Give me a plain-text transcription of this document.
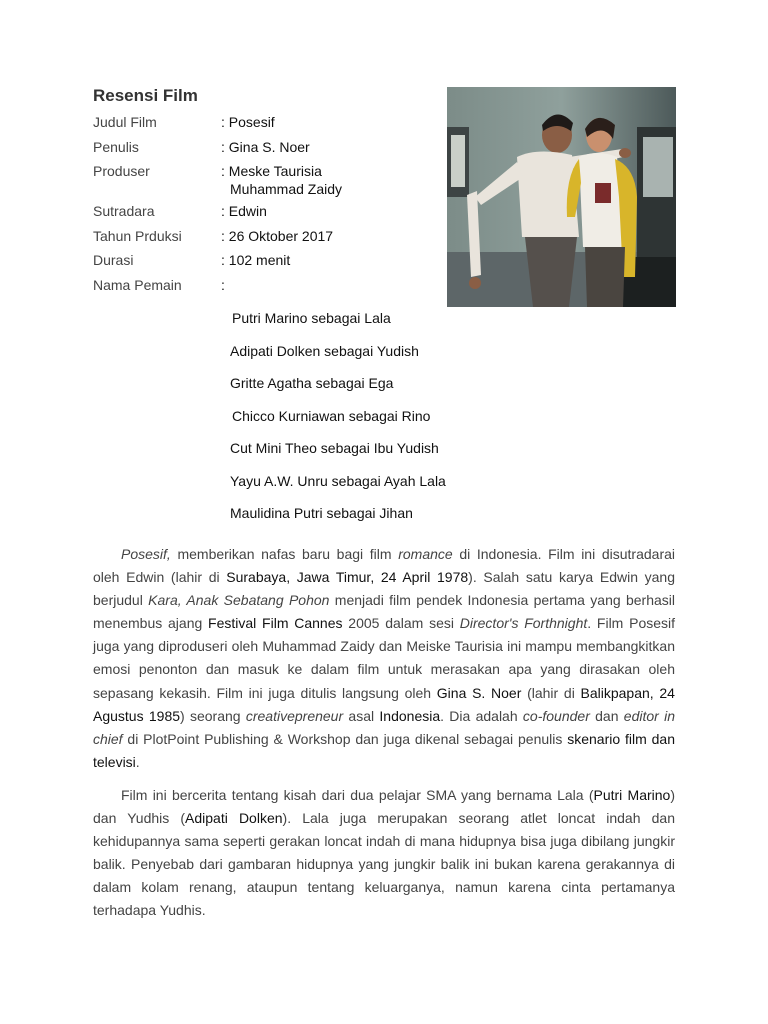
Resensi Film
Judul Film	: Posesif
Penulis	: Gina S. Noer
Produser	: Meske Taurisia
Muhammad Zaidy
Sutradara	: Edwin
Tahun Prduksi	: 26 Oktober 2017
Durasi	: 102 menit
Nama Pemain	:
Putri Marino sebagai Lala
Adipati Dolken sebagai Yudish
Gritte Agatha sebagai Ega
Chicco Kurniawan sebagai Rino
Cut Mini Theo sebagai Ibu Yudish
Yayu A.W. Unru sebagai Ayah Lala
Maulidina Putri sebagai Jihan

Posesif, memberikan nafas baru bagi film romance di Indonesia. Film ini disutradarai oleh Edwin (lahir di Surabaya, Jawa Timur, 24 April 1978). Salah satu karya Edwin yang berjudul Kara, Anak Sebatang Pohon menjadi film pendek Indonesia pertama yang berhasil menembus ajang Festival Film Cannes 2005 dalam sesi Director's Forthnight. Film Posesif juga yang diproduseri oleh Muhammad Zaidy dan Meiske Taurisia ini mampu membangkitkan emosi penonton dan masuk ke dalam film untuk merasakan apa yang dirasakan oleh sepasang kekasih. Film ini juga ditulis langsung oleh Gina S. Noer (lahir di Balikpapan, 24 Agustus 1985) seorang creativepreneur asal Indonesia. Dia adalah co-founder dan editor in chief di PlotPoint Publishing & Workshop dan juga dikenal sebagai penulis skenario film dan televisi.

Film ini bercerita tentang kisah dari dua pelajar SMA yang bernama Lala (Putri Marino) dan Yudhis (Adipati Dolken). Lala juga merupakan seorang atlet loncat indah dan kehidupannya sama seperti gerakan loncat indah di mana hidupnya bisa juga dibilang jungkir balik. Penyebab dari gambaran hidupnya yang jungkir balik ini bukan karena gerakannya di dalam kolam renang, ataupun tentang keluarganya, namun karena cinta pertamanya terhadapa Yudhis.
